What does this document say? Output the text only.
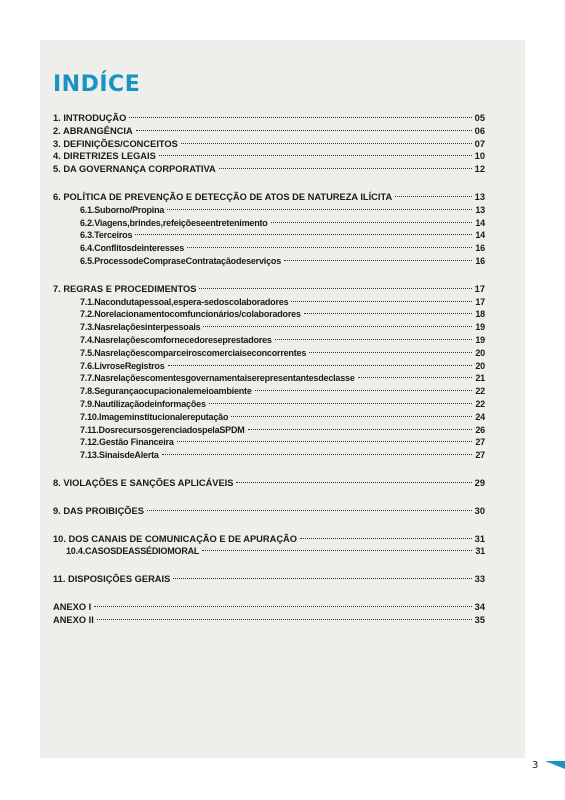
INDÍCE
1. INTRODUÇÃO	05
2. ABRANGÊNCIA	06
3. DEFINIÇÕES/CONCEITOS	07
4. DIRETRIZES LEGAIS	10
5. DA GOVERNANÇA CORPORATIVA	12
6. POLÍTICA DE PREVENÇÃO E DETECÇÃO DE ATOS DE NATUREZA ILÍCITA	13
6.1.Suborno/Propina	13
6.2.Viagens,brindes,refeiçõeseentretenimento	14
6.3.Terceiros	14
6.4.Conflitosdeinteresses	16
6.5.ProcessodeCompraseContrataçãodeserviços	16
7. REGRAS E PROCEDIMENTOS	17
7.1.Nacondutapessoal,espera-sedoscolaboradores	17
7.2.Norelacionamentocomfuncionários/colaboradores	18
7.3.Nasrelaçõesinterpessoais	19
7.4.Nasrelaçõescomfornecedoreseprestadores	19
7.5.Nasrelaçõescomparceiroscomerciaiseconcorrentes	20
7.6.LivroseRegistros	20
7.7.Nasrelaçõescomentesgovernamentaiserepresentantesdeclasse	21
7.8.Segurançaocupacionalemeioambiente	22
7.9.Nautilizaçãodeinformações	22
7.10.Imageminstitucionalereputação	24
7.11.DosrecursosgerenciadospelaSPDM	26
7.12.Gestão Financeira	27
7.13.SinaisdeAlerta	27
8. VIOLAÇÕES E SANÇÕES APLICÁVEIS	29
9. DAS PROIBIÇÕES	30
10. DOS CANAIS DE COMUNICAÇÃO E DE APURAÇÃO	31
10.4.CASOSDEASSÉDIOMORAL	31
11. DISPOSIÇÕES GERAIS	33
ANEXO I	34
ANEXO II	35
3
